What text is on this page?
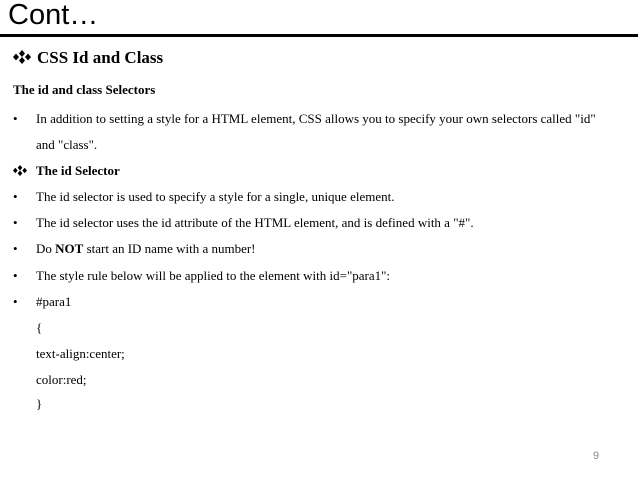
Cont…
CSS Id and Class
The id and class Selectors
• In addition to setting a style for a HTML element, CSS allows you to specify your own selectors called "id"
and "class".
The id Selector
• The id selector is used to specify a style for a single, unique element.
• The id selector uses the id attribute of the HTML element, and is defined with a "#".
• Do NOT start an ID name with a number!
• The style rule below will be applied to the element with id="para1":
• #para1
{
text-align:center;
color:red;
}
9
